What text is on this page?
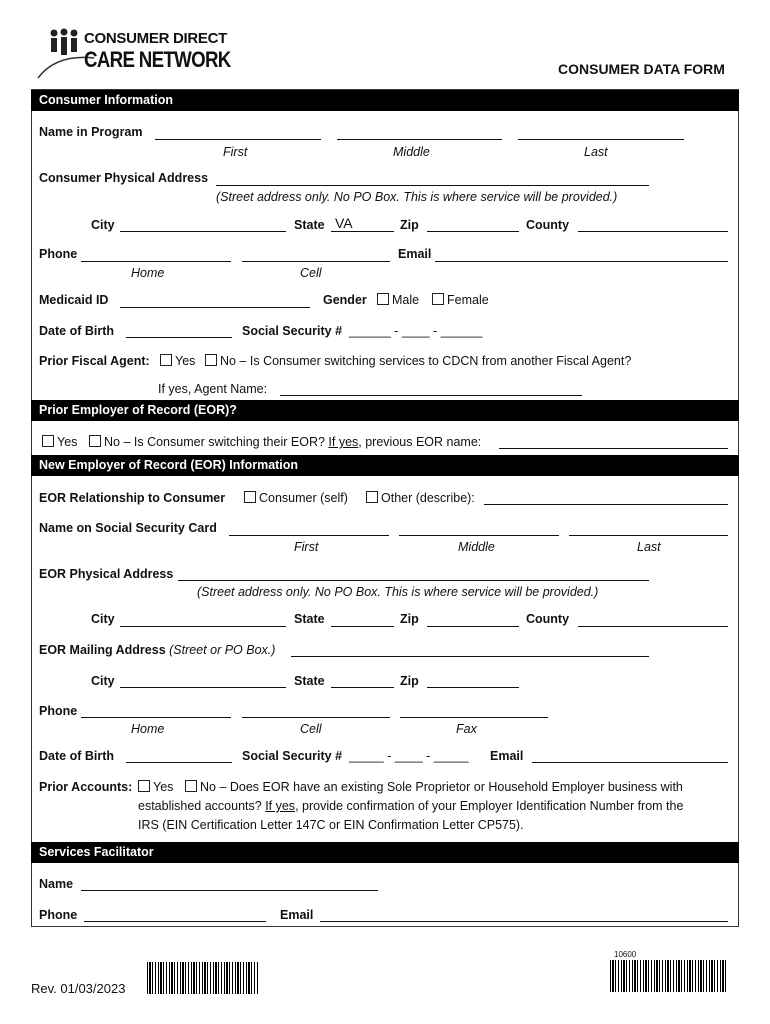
CONSUMER DIRECT
CARE NETWORK	CONSUMER DATA FORM
Consumer Information
Name in Program
First	Middle	Last
Consumer Physical Address
(Street address only. No PO Box. This is where service will be provided.)
City	State VA	Zip	County
Phone	Email
Home	Cell
Medicaid ID	Gender	Male	Female
Date of Birth	Social Security # ______ - ____ - ______
Prior Fiscal Agent:	Yes	No – Is Consumer switching services to CDCN from another Fiscal Agent?
If yes, Agent Name:
Prior Employer of Record (EOR)?
Yes	No – Is Consumer switching their EOR? If yes, previous EOR name:
New Employer of Record (EOR) Information
EOR Relationship to Consumer	Consumer (self)	Other (describe):
Name on Social Security Card
First	Middle	Last
EOR Physical Address
(Street address only. No PO Box. This is where service will be provided.)
City	State	Zip	County
EOR Mailing Address (Street or PO Box.)
City	State	Zip
Phone
Home	Cell	Fax
Date of Birth	Social Security # _____ - ____ - _____ Email
Prior Accounts:	Yes	No – Does EOR have an existing Sole Proprietor or Household Employer business with
established accounts? If yes, provide confirmation of your Employer Identification Number from the
IRS (EIN Certification Letter 147C or EIN Confirmation Letter CP575).
Services Facilitator
Name
Phone	Email
Rev. 01/03/2023
10600
